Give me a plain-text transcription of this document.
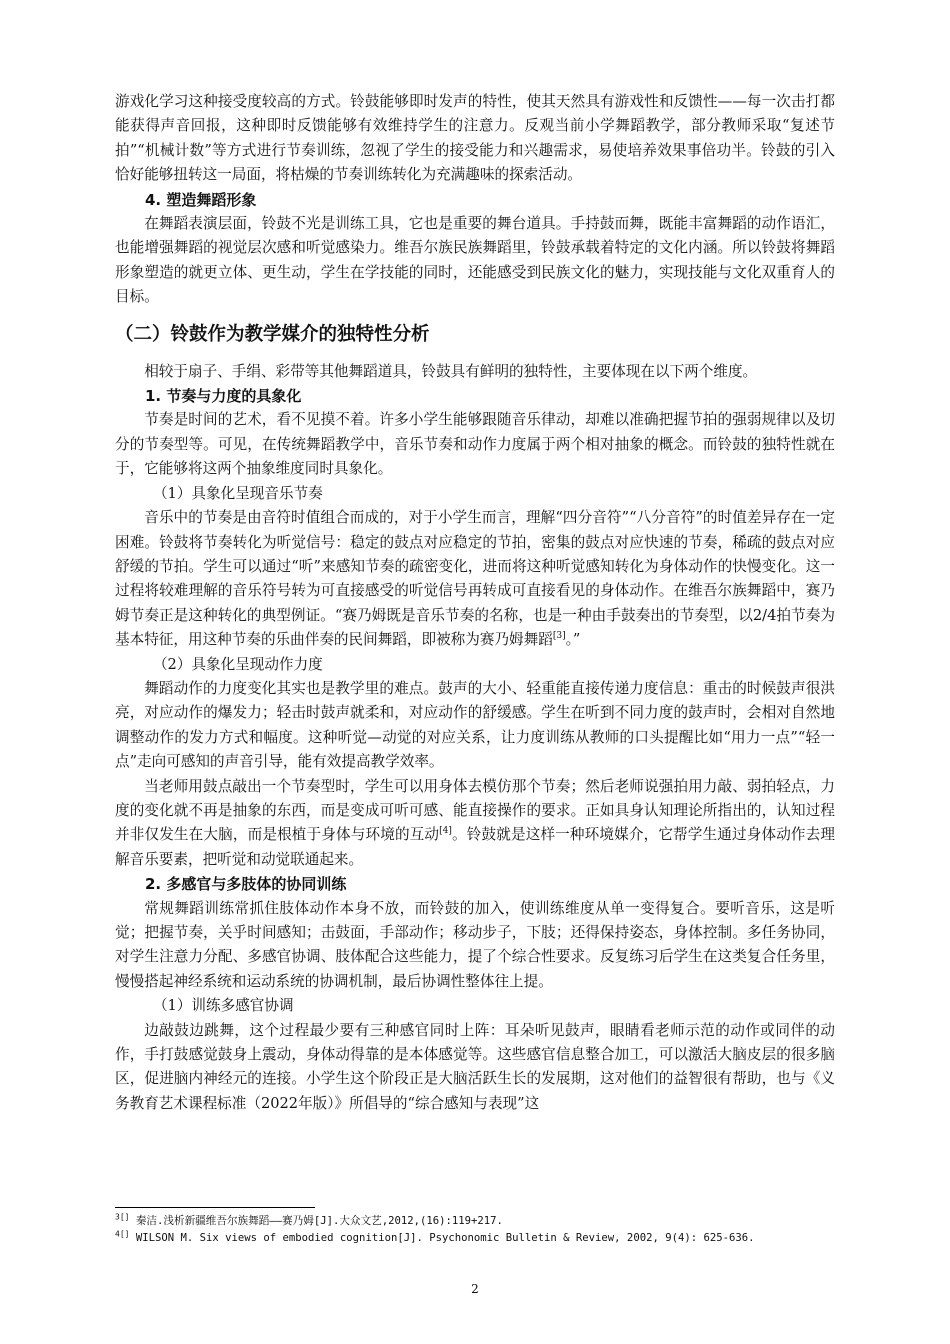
游戏化学习这种接受度较高的方式。铃鼓能够即时发声的特性，使其天然具有游戏性和反馈性——每一次击打都能获得声音回报，这种即时反馈能够有效维持学生的注意力。反观当前小学舞蹈教学，部分教师采取“复述节拍”“机械计数”等方式进行节奏训练，忽视了学生的接受能力和兴趣需求，易使培养效果事倍功半。铃鼓的引入恰好能够扭转这一局面，将枯燥的节奏训练转化为充满趣味的探索活动。

4. 塑造舞蹈形象

在舞蹈表演层面，铃鼓不光是训练工具，它也是重要的舞台道具。手持鼓而舞，既能丰富舞蹈的动作语汇，也能增强舞蹈的视觉层次感和听觉感染力。维吾尔族民族舞蹈里，铃鼓承载着特定的文化内涵。所以铃鼓将舞蹈形象塑造的就更立体、更生动，学生在学技能的同时，还能感受到民族文化的魅力，实现技能与文化双重育人的目标。

（二）铃鼓作为教学媒介的独特性分析

相较于扇子、手绢、彩带等其他舞蹈道具，铃鼓具有鲜明的独特性，主要体现在以下两个维度。

1. 节奏与力度的具象化

节奏是时间的艺术，看不见摸不着。许多小学生能够跟随音乐律动，却难以准确把握节拍的强弱规律以及切分的节奏型等。可见，在传统舞蹈教学中，音乐节奏和动作力度属于两个相对抽象的概念。而铃鼓的独特性就在于，它能够将这两个抽象维度同时具象化。

（1）具象化呈现音乐节奏

音乐中的节奏是由音符时值组合而成的，对于小学生而言，理解“四分音符”“八分音符”的时值差异存在一定困难。铃鼓将节奏转化为听觉信号：稳定的鼓点对应稳定的节拍，密集的鼓点对应快速的节奏，稀疏的鼓点对应舒缓的节拍。学生可以通过“听”来感知节奏的疏密变化，进而将这种听觉感知转化为身体动作的快慢变化。这一过程将较难理解的音乐符号转为可直接感受的听觉信号再转成可直接看见的身体动作。在维吾尔族舞蹈中，赛乃姆节奏正是这种转化的典型例证。“赛乃姆既是音乐节奏的名称，也是一种由手鼓奏出的节奏型，以2/4拍节奏为基本特征，用这种节奏的乐曲伴奏的民间舞蹈，即被称为赛乃姆舞蹈[3]。”

（2）具象化呈现动作力度

舞蹈动作的力度变化其实也是教学里的难点。鼓声的大小、轻重能直接传递力度信息：重击的时候鼓声很洪亮，对应动作的爆发力；轻击时鼓声就柔和，对应动作的舒缓感。学生在听到不同力度的鼓声时，会相对自然地调整动作的发力方式和幅度。这种听觉—动觉的对应关系，让力度训练从教师的口头提醒比如“用力一点”“轻一点”走向可感知的声音引导，能有效提高教学效率。

当老师用鼓点敲出一个节奏型时，学生可以用身体去模仿那个节奏；然后老师说强拍用力敲、弱拍轻点，力度的变化就不再是抽象的东西，而是变成可听可感、能直接操作的要求。正如具身认知理论所指出的，认知过程并非仅发生在大脑，而是根植于身体与环境的互动[4]。铃鼓就是这样一种环境媒介，它帮学生通过身体动作去理解音乐要素，把听觉和动觉联通起来。

2. 多感官与多肢体的协同训练

常规舞蹈训练常抓住肢体动作本身不放，而铃鼓的加入，使训练维度从单一变得复合。要听音乐，这是听觉；把握节奏，关乎时间感知；击鼓面，手部动作；移动步子，下肢；还得保持姿态，身体控制。多任务协同，对学生注意力分配、多感官协调、肢体配合这些能力，提了个综合性要求。反复练习后学生在这类复合任务里，慢慢搭起神经系统和运动系统的协调机制，最后协调性整体往上提。

（1）训练多感官协调

边敲鼓边跳舞，这个过程最少要有三种感官同时上阵：耳朵听见鼓声，眼睛看老师示范的动作或同伴的动作，手打鼓感觉鼓身上震动，身体动得靠的是本体感觉等。这些感官信息整合加工，可以激活大脑皮层的很多脑区，促进脑内神经元的连接。小学生这个阶段正是大脑活跃生长的发展期，这对他们的益智很有帮助，也与《义务教育艺术课程标准（2022年版）》所倡导的“综合感知与表现”这

$^{3[]}$ 秦洁.浅析新疆维吾尔族舞蹈——赛乃姆[J].大众文艺,2012,(16):119+217.

$^{4[]}$ WILSON M. Six views of embodied cognition[J]. Psychonomic Bulletin & Review, 2002, 9(4): 625-636.

2
